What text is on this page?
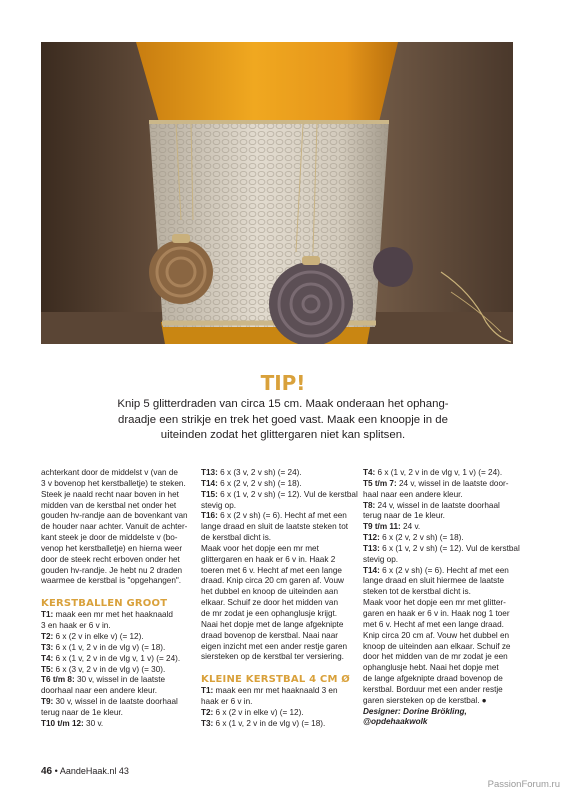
TIP!
Knip 5 glitterdraden van circa 15 cm. Maak onderaan het ophang-
draadje een strikje en trek het goed vast. Maak een knoopje in de
uiteinden zodat het glittergaren niet kan splitsen.
achterkant door de middelst v (van de
3 v bovenop het kerstballetje) te steken.
Steek je naald recht naar boven in het
midden van de kerstbal net onder het
gouden hv-randje aan de bovenkant van
de houder naar achter. Vanuit de achter-
kant steek je door de middelste v (bo-
venop het kerstballetje) en hierna weer
door de steek recht erboven onder het
gouden hv-randje. Je hebt nu 2 draden
waarmee de kerstbal is "opgehangen".
KERSTBALLEN GROOT
T1: maak een mr met het haaknaald
3 en haak er 6 v in.
T2: 6 x (2 v in elke v) (= 12).
T3: 6 x (1 v, 2 v in de vlg v) (= 18).
T4: 6 x (1 v, 2 v in de vlg v, 1 v) (= 24).
T5: 6 x (3 v, 2 v in de vlg v) (= 30).
T6 t/m 8: 30 v, wissel in de laatste
doorhaal naar een andere kleur.
T9: 30 v, wissel in de laatste doorhaal
terug naar de 1e kleur.
T10 t/m 12: 30 v.
T13: 6 x (3 v, 2 v sh) (= 24).
T14: 6 x (2 v, 2 v sh) (= 18).
T15: 6 x (1 v, 2 v sh) (= 12). Vul de kerstbal
stevig op.
T16: 6 x (2 v sh) (= 6). Hecht af met een
lange draad en sluit de laatste steken tot
de kerstbal dicht is.
Maak voor het dopje een mr met
glittergaren en haak er 6 v in. Haak 2
toeren met 6 v. Hecht af met een lange
draad. Knip circa 20 cm garen af. Vouw
het dubbel en knoop de uiteinden aan
elkaar. Schuif ze door het midden van
de mr zodat je een ophanglusje krijgt.
Naai het dopje met de lange afgeknipte
draad bovenop de kerstbal. Naai naar
eigen inzicht met een ander restje garen
siersteken op de kerstbal ter versiering.
KLEINE KERSTBAL 4 CM Ø
T1: maak een mr met haaknaald 3 en
haak er 6 v in.
T2: 6 x (2 v in elke v) (= 12).
T3: 6 x (1 v, 2 v in de vlg v) (= 18).
T4: 6 x (1 v, 2 v in de vlg v, 1 v) (= 24).
T5 t/m 7: 24 v, wissel in de laatste door-
haal naar een andere kleur.
T8: 24 v, wissel in de laatste doorhaal
terug naar de 1e kleur.
T9 t/m 11: 24 v.
T12: 6 x (2 v, 2 v sh) (= 18).
T13: 6 x (1 v, 2 v sh) (= 12). Vul de kerstbal
stevig op.
T14: 6 x (2 v sh) (= 6). Hecht af met een
lange draad en sluit hiermee de laatste
steken tot de kerstbal dicht is.
Maak voor het dopje een mr met glitter-
garen en haak er 6 v in. Haak nog 1 toer
met 6 v. Hecht af met een lange draad.
Knip circa 20 cm af. Vouw het dubbel en
knoop de uiteinden aan elkaar. Schuif ze
door het midden van de mr zodat je een
ophanglusje hebt. Naai het dopje met
de lange afgeknipte draad bovenop de
kerstbal. Borduur met een ander restje
garen siersteken op de kerstbal. ●
Designer: Dorine Brökling,
@opdehaakwolk
46 • AandeHaak.nl 43
PassionForum.ru
